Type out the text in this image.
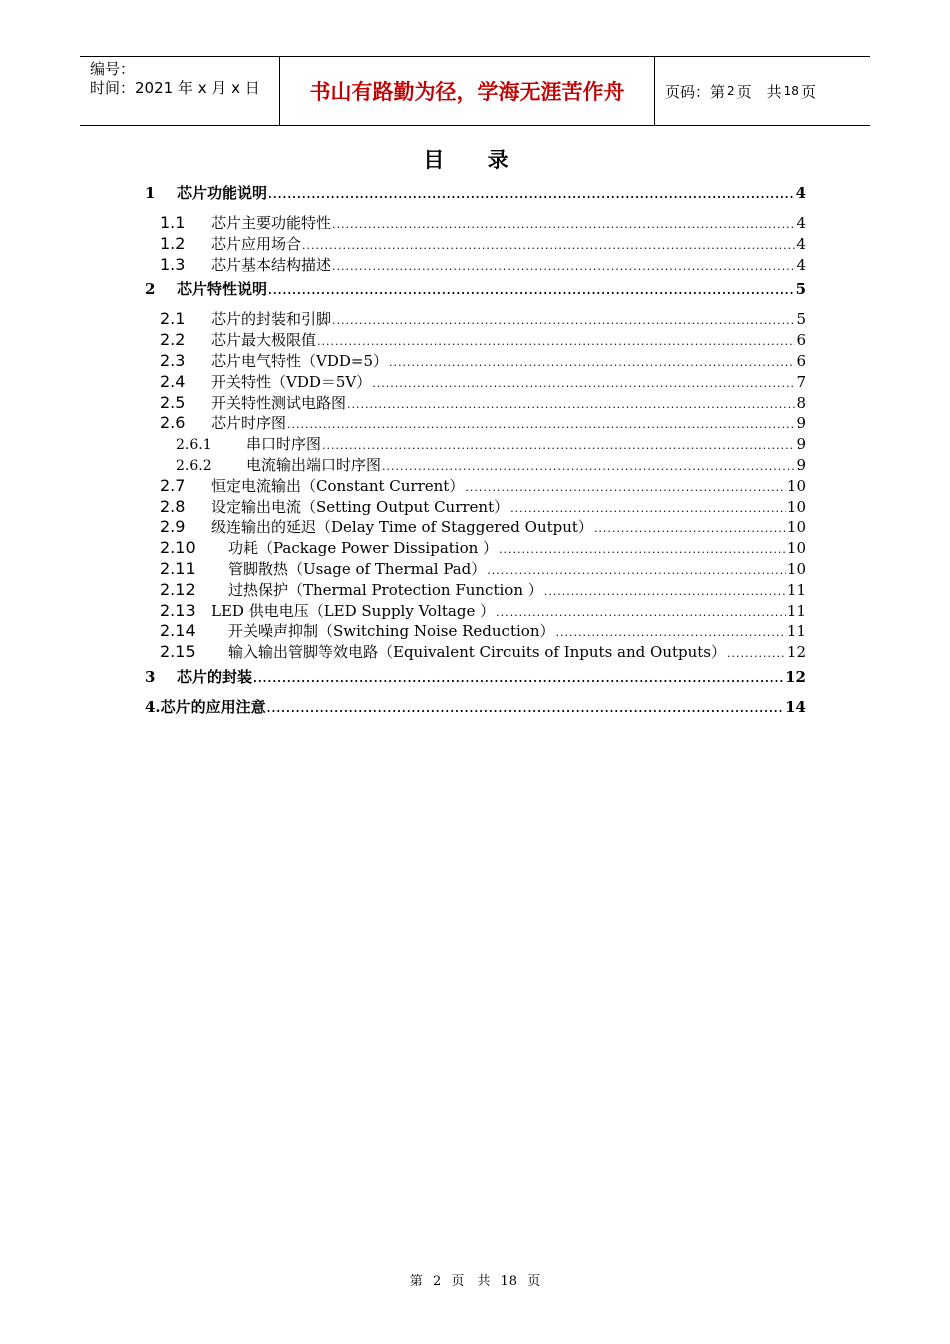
编号：
时间：2021 年 x 月 x 日	书山有路勤为径，学海无涯苦作舟	页码：第 2 页　共 18 页
目 录
1	芯片功能说明 .....	4
1.1	芯片主要功能特性 .....	4
1.2	芯片应用场合 .....	4
1.3	芯片基本结构描述 .....	4
2	芯片特性说明 .....	5
2.1	芯片的封装和引脚 .....	5
2.2	芯片最大极限值 .....	6
2.3	芯片电气特性（VDD=5） .....	6
2.4	开关特性（VDD＝5V） .....	7
2.5	开关特性测试电路图 .....	8
2.6	芯片时序图 .....	9
2.6.1	串口时序图 .....	9
2.6.2	电流输出端口时序图 .....	9
2.7	恒定电流输出（Constant Current） .....	10
2.8	设定输出电流（Setting Output Current） .....	10
2.9	级连输出的延迟（Delay Time of Staggered Output） .....	10
2.10	功耗（Package Power Dissipation ） .....	10
2.11	管脚散热（Usage of Thermal Pad） .....	10
2.12	过热保护（Thermal Protection Function ） .....	11
2.13	LED 供电电压（LED Supply Voltage ） .....	11
2.14	开关噪声抑制（Switching Noise Reduction） .....	11
2.15	输入输出管脚等效电路（Equivalent Circuits of Inputs and Outputs） .....	12
3	芯片的封装 .....	12
4.芯片的应用注意 .....	14
第 2 页　共 18 页
